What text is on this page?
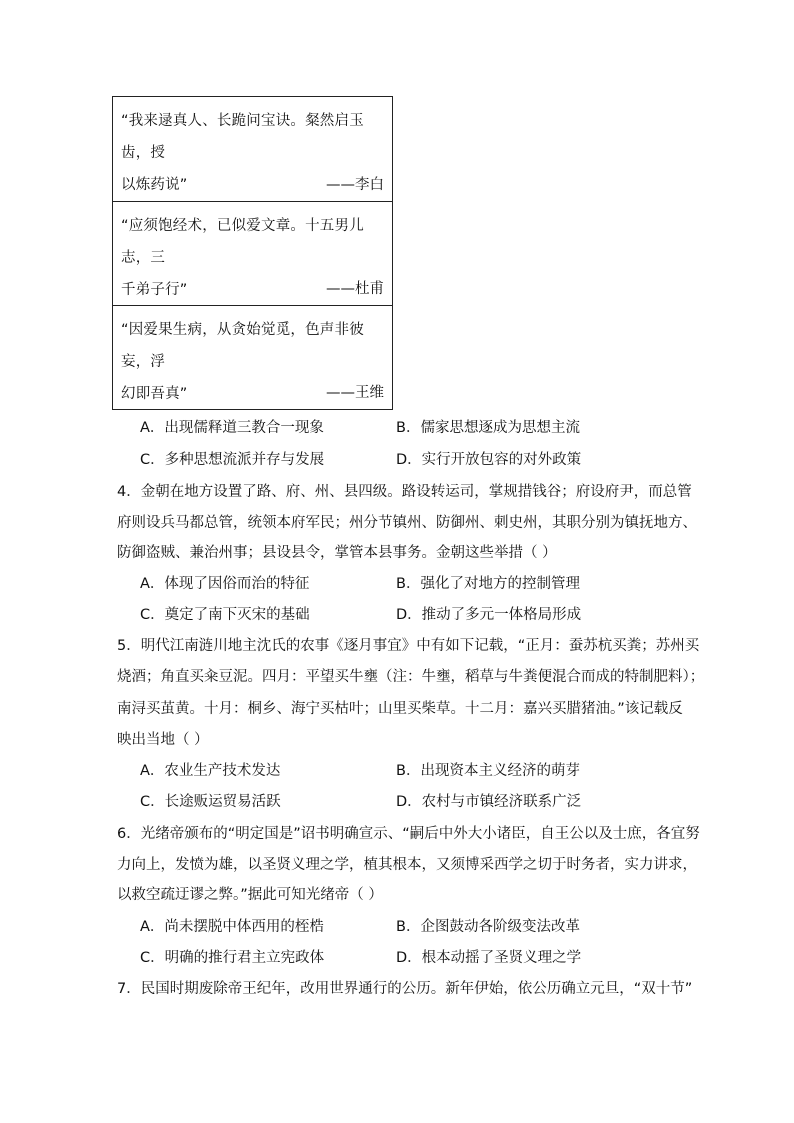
“我来逯真人、长跪问宝诀。粲然启玉齿，授
以炼药说”	——李白
“应须饱经术，已似爱文章。十五男儿志，三
千弟子行”	——杜甫
“因爱果生病，从贪始觉觅，色声非彼妄，浮
幻即吾真”	——王维
A．出现儒释道三教合一现象	B．儒家思想逐成为思想主流
C．多种思想流派并存与发展	D．实行开放包容的对外政策
4．金朝在地方设置了路、府、州、县四级。路设转运司，掌规措钱谷；府设府尹，而总管
府则设兵马都总管，统领本府军民；州分节镇州、防御州、刺史州，其职分别为镇抚地方、
防御盗贼、兼治州事；县设县令，掌管本县事务。金朝这些举措（ ）
A．体现了因俗而治的特征	B．强化了对地方的控制管理
C．奠定了南下灭宋的基础	D．推动了多元一体格局形成
5．明代江南涟川地主沈氏的农事《逐月事宜》中有如下记载，“正月：蚕苏杭买粪；苏州买
烧酒；角直买籴豆泥。四月：平望买牛壅（注：牛壅，稻草与牛粪便混合而成的特制肥料）；
南浔买茧黄。十月：桐乡、海宁买枯叶；山里买柴草。十二月：嘉兴买腊猪油。”该记载反
映出当地（ ）
A．农业生产技术发达	B．出现资本主义经济的萌芽
C．长途贩运贸易活跃	D．农村与市镇经济联系广泛
6．光绪帝颁布的“明定国是”诏书明确宣示、“嗣后中外大小诸臣，自王公以及士庶，各宜努
力向上，发愤为雄，以圣贤义理之学，植其根本，又须博采西学之切于时务者，实力讲求，
以救空疏迂谬之弊。”据此可知光绪帝（ ）
A．尚未摆脱中体西用的桎梏	B．企图鼓动各阶级变法改革
C．明确的推行君主立宪政体	D．根本动摇了圣贤义理之学
7．民国时期废除帝王纪年，改用世界通行的公历。新年伊始，依公历确立元旦，“双十节”
